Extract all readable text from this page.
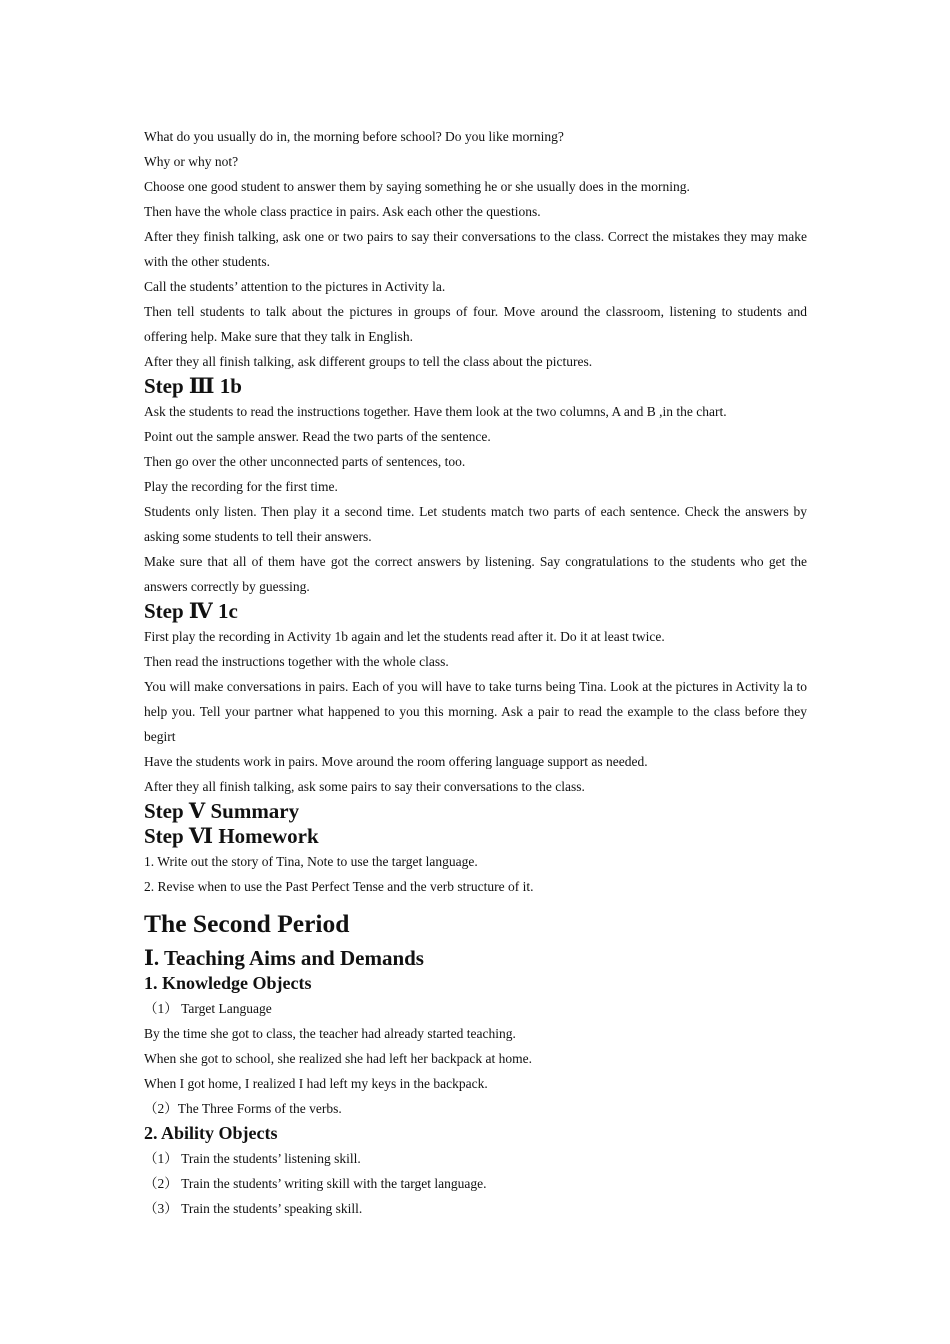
What do you usually do in, the morning before school? Do you like morning?

Why or why not?

Choose one good student to answer them by saying something he or she usually does in the morning.

Then have the whole class practice in pairs. Ask each other the questions.

After they finish talking, ask one or two pairs to say their conversations to the class. Correct the mistakes they may make with the other students.

Call the students’ attention to the pictures in Activity la.

Then tell students to talk about the pictures in groups of four. Move around the classroom, listening to students and offering help. Make sure that they talk in English.

After they all finish talking, ask different groups to tell the class about the pictures.

Step Ⅲ 1b

Ask the students to read the instructions together. Have them look at the two columns, A and B ,in the chart.

Point out the sample answer. Read the two parts of the sentence.

Then go over the other unconnected parts of sentences, too.

Play the recording for the first time.

Students only listen. Then play it a second time. Let students match two parts of each sentence. Check the answers by asking some students to tell their answers.

Make sure that all of them have got the correct answers by listening. Say congratulations to the students who get the answers correctly by guessing.

Step Ⅳ 1c

First play the recording in Activity 1b again and let the students read after it. Do it at least twice.

Then read the instructions together with the whole class.

You will make conversations in pairs. Each of you will have to take turns being Tina. Look at the pictures in Activity la to help you. Tell your partner what happened to you this morning. Ask a pair to read the example to the class before they begirt

Have the students work in pairs. Move around the room offering language support as needed.

After they all finish talking, ask some pairs to say their conversations to the class.

Step Ⅴ Summary
Step Ⅵ Homework

1. Write out the story of Tina, Note to use the target language.

2. Revise when to use the Past Perfect Tense and the verb structure of it.

The Second Period
Ⅰ. Teaching Aims and Demands
1. Knowledge Objects

（1） Target Language

By the time she got to class, the teacher had already started teaching.

When she got to school, she realized she had left her backpack at home.

When I got home, I realized I had left my keys in the backpack.

（2）The Three Forms of the verbs.

2. Ability Objects

（1） Train the students’ listening skill.

（2） Train the students’ writing skill with the target language.

（3） Train the students’ speaking skill.
